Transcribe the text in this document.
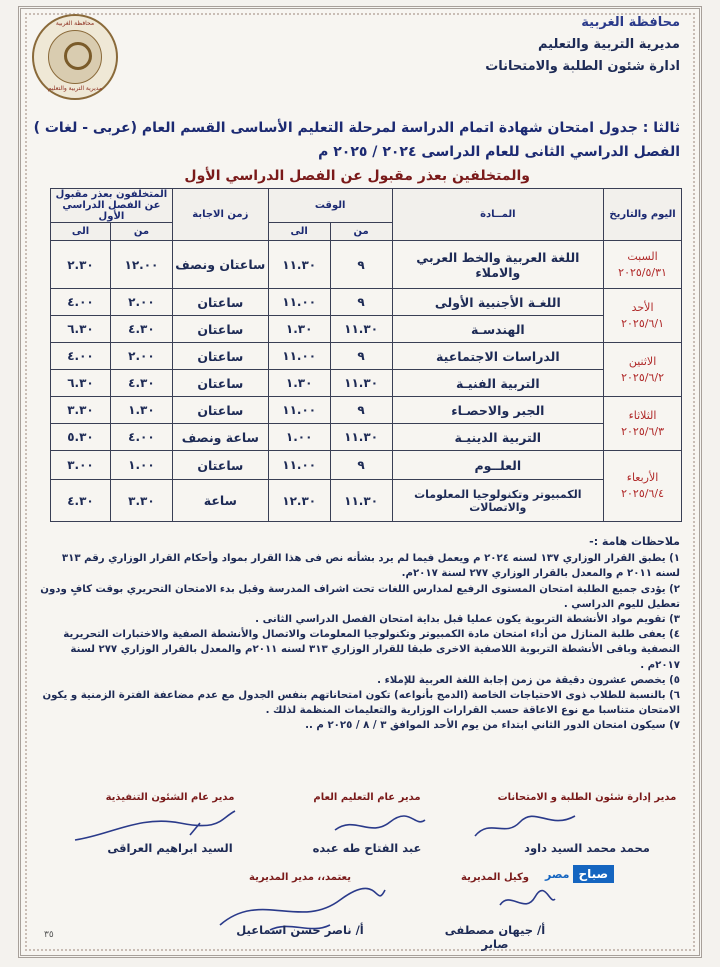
محافظة الغربية
مديرية التربية والتعليم
محافظة الغربية
مديرية التربية والتعليم
ادارة شئون الطلبة والامتحانات
ثالثا : جدول امتحان شهادة اتمام الدراسة لمرحلة التعليم الأساسى القسم العام (عربى - لغات )
الفصل الدراسي الثانى للعام الدراسى ٢٠٢٤ / ٢٠٢٥ م
والمتخلفين بعذر مقبول عن الفصل الدراسي الأول
اليوم والتاريخ	المــادة	الوقت		زمن الاجابة	المتخلفون بعذر مقبول عن الفصل الدراسي الأول	
		من	الى		من	الى

السبت
٢٠٢٥/٥/٣١	اللغة العربية والخط العربي والاملاء	٩	١١.٣٠	ساعتان ونصف	١٢.٠٠	٢.٣٠

الأحد
٢٠٢٥/٦/١	اللغـة الأجنبية الأولى	٩	١١.٠٠	ساعتان	٢.٠٠	٤.٠٠
	الهندسـة	١١.٣٠	١.٣٠	ساعتان	٤.٣٠	٦.٣٠

الاثنين
٢٠٢٥/٦/٢	الدراسات الاجتماعية	٩	١١.٠٠	ساعتان	٢.٠٠	٤.٠٠
	التربية الفنيـة	١١.٣٠	١.٣٠	ساعتان	٤.٣٠	٦.٣٠

الثلاثاء
٢٠٢٥/٦/٣	الجبر والاحصـاء	٩	١١.٠٠	ساعتان	١.٣٠	٣.٣٠
	التربية الدينيـة	١١.٣٠	١.٠٠	ساعة ونصف	٤.٠٠	٥.٣٠

الأربعاء
٢٠٢٥/٦/٤	العلــوم	٩	١١.٠٠	ساعتان	١.٠٠	٣.٠٠
	الكمبيوتر وتكنولوجيا المعلومات والاتصالات	١١.٣٠	١٢.٣٠	ساعة	٣.٣٠	٤.٣٠
ملاحظات هامة :-
١) يطبق القرار الوزاري ١٣٧ لسنه ٢٠٢٤ م ويعمل فيما لم يرد بشأنه نص فى هذا القرار بمواد وأحكام القرار الوزاري رقم ٣١٣ لسنه ٢٠١١ م والمعدل بالقرار الوزاري ٢٧٧ لسنة ٢٠١٧م.
٢) يؤدى جميع الطلبة امتحان المستوى الرفيع لمدارس اللغات تحت اشراف المدرسة وقبل بدء الامتحان التحريري بوقت كافٍ ودون تعطيل لليوم الدراسي .
٣) تقويم مواد الأنشطة التربوية يكون عمليا قبل بداية امتحان الفصل الدراسي الثانى .
٤) يعفى طلبة المنازل من أداء امتحان مادة الكمبيوتر وتكنولوجيا المعلومات والاتصال والأنشطة الصفية والاختبارات التحريرية النصفية وباقى الأنشطة التربوية اللاصفية الاخرى طبقا للقرار الوزاري ٣١٣ لسنه ٢٠١١م والمعدل بالقرار الوزاري ٢٧٧ لسنة ٢٠١٧م .
٥) يخصص عشرون دقيقة من زمن إجابة اللغة العربية للإملاء .
٦) بالنسبة للطلاب ذوى الاحتياجات الخاصة (الدمج بأنواعه) تكون امتحاناتهم بنفس الجدول مع عدم مضاعفة الفترة الزمنية و يكون الامتحان متناسبا مع نوع الاعاقة حسب القرارات الوزارية والتعليمات المنظمة لذلك .
٧) سيكون امتحان الدور الثاني ابتداء من يوم الأحد الموافق ٣ / ٨ / ٢٠٢٥ م ..
مدير إدارة شئون الطلبة و الامتحانات
محمد محمد السيد داود
مدير عام التعليم العام
عبد الفتاح طه عبده
مدير عام الشئون التنفيذية
السيد ابراهيم العراقى
وكيل المديرية
أ/ جيهان مصطفى صابر
يعتمد،، مدير المديرية
أ/ ناصر حسن اسماعيل
صباح
مصر
٣٥
